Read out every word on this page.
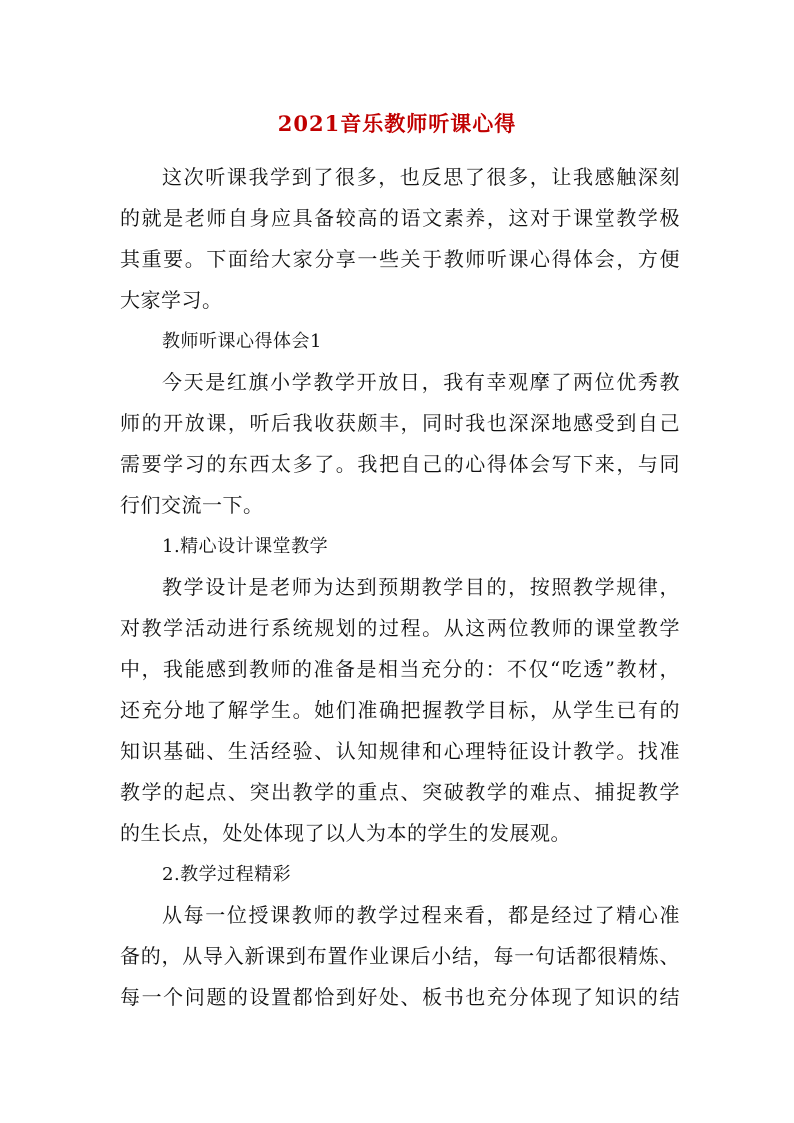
2021音乐教师听课心得
这次听课我学到了很多，也反思了很多，让我感触深刻
的就是老师自身应具备较高的语文素养，这对于课堂教学极
其重要。下面给大家分享一些关于教师听课心得体会，方便
大家学习。
教师听课心得体会1
今天是红旗小学教学开放日，我有幸观摩了两位优秀教
师的开放课，听后我收获颇丰，同时我也深深地感受到自己
需要学习的东西太多了。我把自己的心得体会写下来，与同
行们交流一下。
1.精心设计课堂教学
教学设计是老师为达到预期教学目的，按照教学规律，
对教学活动进行系统规划的过程。从这两位教师的课堂教学
中，我能感到教师的准备是相当充分的：不仅“吃透”教材，
还充分地了解学生。她们准确把握教学目标，从学生已有的
知识基础、生活经验、认知规律和心理特征设计教学。找准
教学的起点、突出教学的重点、突破教学的难点、捕捉教学
的生长点，处处体现了以人为本的学生的发展观。
2.教学过程精彩
从每一位授课教师的教学过程来看，都是经过了精心准
备的，从导入新课到布置作业课后小结，每一句话都很精炼、
每一个问题的设置都恰到好处、板书也充分体现了知识的结
